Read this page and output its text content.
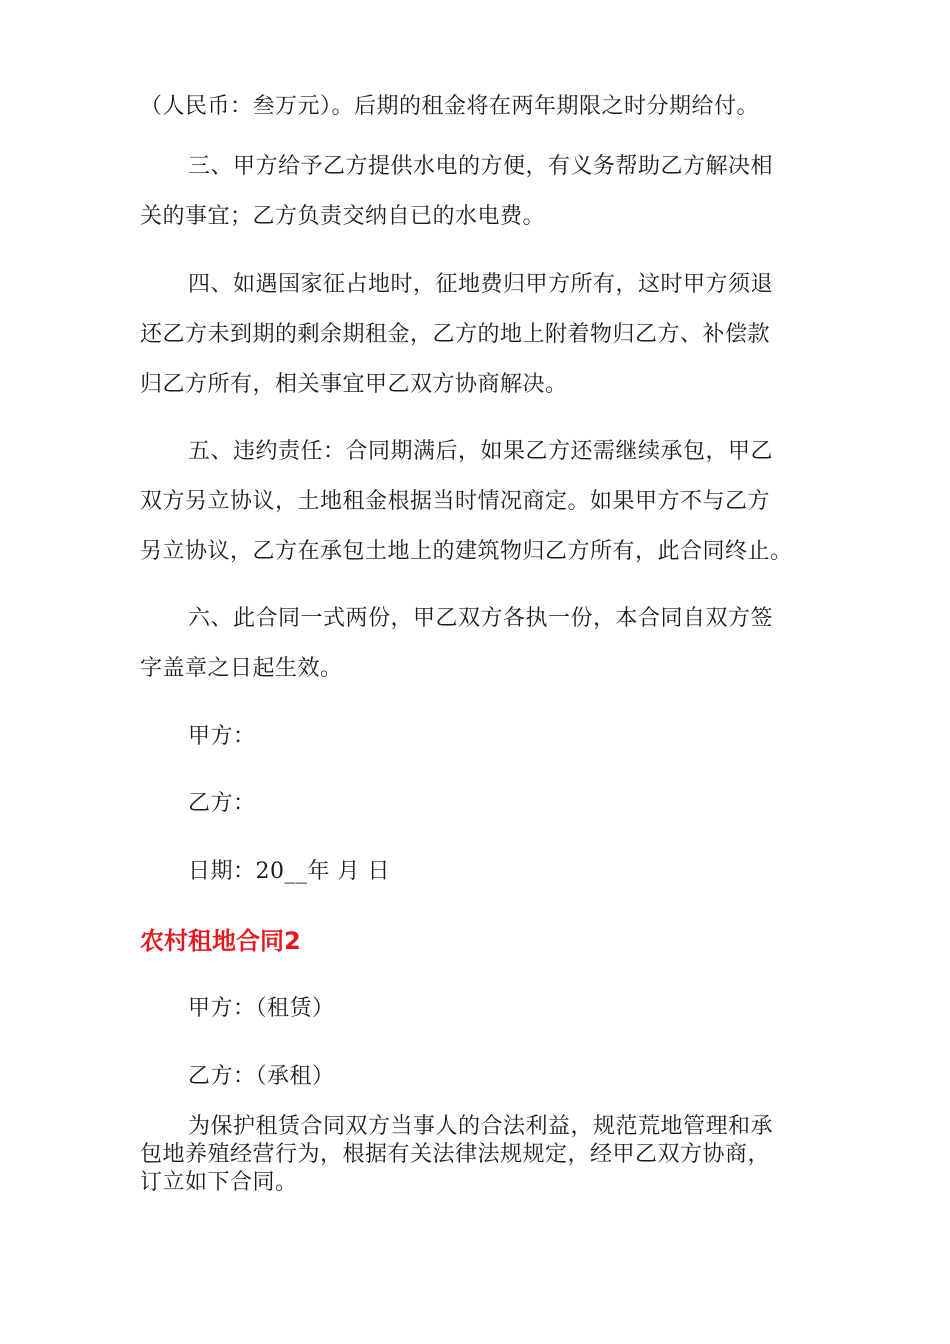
（人民币：叁万元）。后期的租金将在两年期限之时分期给付。
三、甲方给予乙方提供水电的方便，有义务帮助乙方解决相
关的事宜；乙方负责交纳自已的水电费。
四、如遇国家征占地时，征地费归甲方所有，这时甲方须退
还乙方未到期的剩余期租金，乙方的地上附着物归乙方、补偿款
归乙方所有，相关事宜甲乙双方协商解决。
五、违约责任：合同期满后，如果乙方还需继续承包，甲乙
双方另立协议，土地租金根据当时情况商定。如果甲方不与乙方
另立协议，乙方在承包土地上的建筑物归乙方所有，此合同终止。
六、此合同一式两份，甲乙双方各执一份，本合同自双方签
字盖章之日起生效。
甲方：
乙方：
日期：20__年 月 日
农村租地合同2
甲方：（租赁）
乙方：（承租）
为保护租赁合同双方当事人的合法利益，规范荒地管理和承
包地养殖经营行为，根据有关法律法规规定，经甲乙双方协商，
订立如下合同。
